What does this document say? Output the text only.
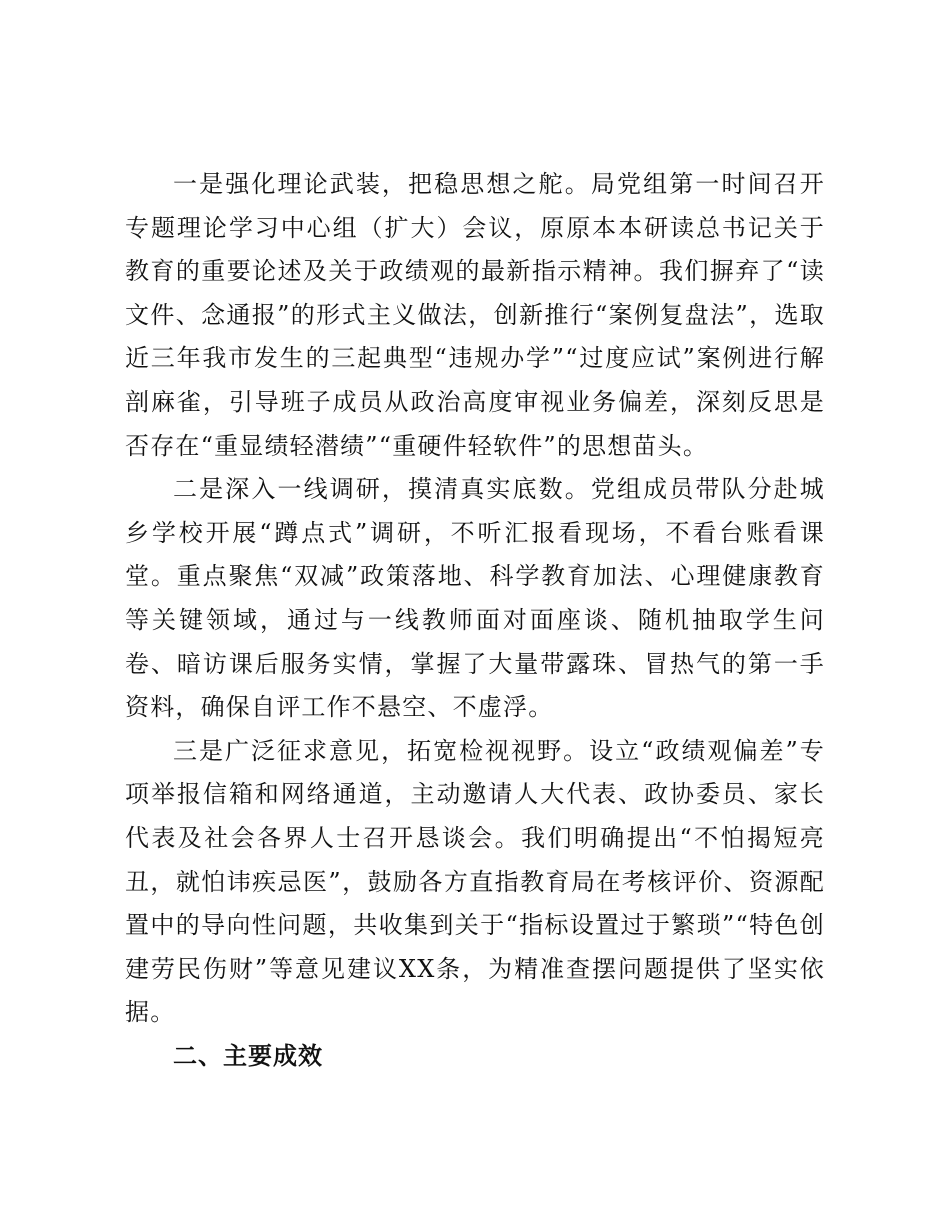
一是强化理论武装，把稳思想之舵。局党组第一时间召开专题理论学习中心组（扩大）会议，原原本本研读总书记关于教育的重要论述及关于政绩观的最新指示精神。我们摒弃了“读文件、念通报”的形式主义做法，创新推行“案例复盘法”，选取近三年我市发生的三起典型“违规办学”“过度应试”案例进行解剖麻雀，引导班子成员从政治高度审视业务偏差，深刻反思是否存在“重显绩轻潜绩”“重硬件轻软件”的思想苗头。

二是深入一线调研，摸清真实底数。党组成员带队分赴城乡学校开展“蹲点式”调研，不听汇报看现场，不看台账看课堂。重点聚焦“双减”政策落地、科学教育加法、心理健康教育等关键领域，通过与一线教师面对面座谈、随机抽取学生问卷、暗访课后服务实情，掌握了大量带露珠、冒热气的第一手资料，确保自评工作不悬空、不虚浮。

三是广泛征求意见，拓宽检视视野。设立“政绩观偏差”专项举报信箱和网络通道，主动邀请人大代表、政协委员、家长代表及社会各界人士召开恳谈会。我们明确提出“不怕揭短亮丑，就怕讳疾忌医”，鼓励各方直指教育局在考核评价、资源配置中的导向性问题，共收集到关于“指标设置过于繁琐”“特色创建劳民伤财”等意见建议XX条，为精准查摆问题提供了坚实依据。

二、主要成效
